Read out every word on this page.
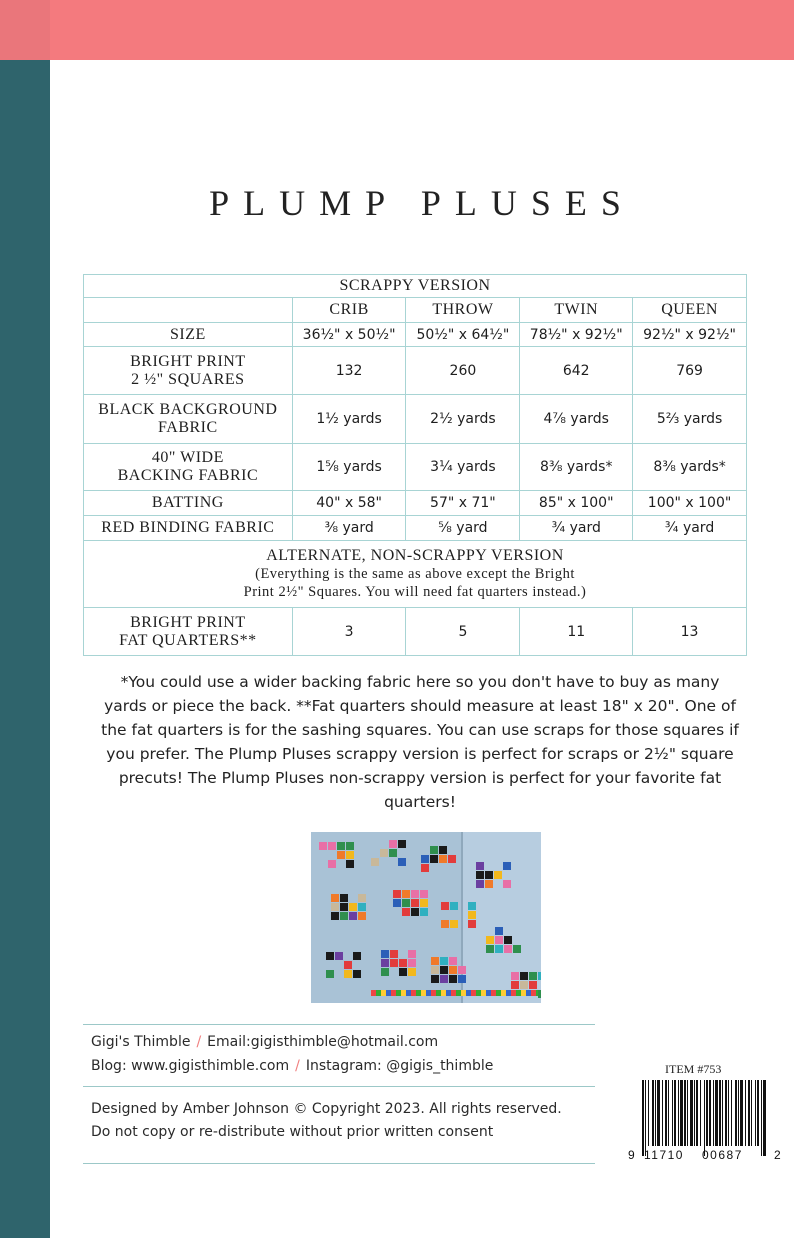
PLUMP PLUSES
SCRAPPY VERSION				
	CRIB	THROW	TWIN	QUEEN
SIZE	36½" x 50½"	50½" x 64½"	78½" x 92½"	92½" x 92½"
BRIGHT PRINT
2 ½" SQUARES	132	260	642	769
BLACK BACKGROUND
FABRIC	1½ yards	2½ yards	4⅞ yards	5⅔ yards
40" WIDE
BACKING FABRIC	1⅝ yards	3¼ yards	8⅜ yards*	8⅜ yards*
BATTING	40" x 58"	57" x 71"	85" x 100"	100" x 100"
RED BINDING FABRIC	⅜ yard	⅝ yard	¾ yard	¾ yard

ALTERNATE, NON-SCRAPPY VERSION
(Everything is the same as above except the Bright
Print 2½" Squares. You will need fat quarters instead.)				

BRIGHT PRINT
FAT QUARTERS**	3	5	11	13
*You could use a wider backing fabric here so you don't have to buy as many yards or piece the back. **Fat quarters should measure at least 18" x 20". One of the fat quarters is for the sashing squares. You can use scraps for those squares if you prefer. The Plump Pluses scrappy version is perfect for scraps or 2½" square precuts! The Plump Pluses non-scrappy version is perfect for your favorite fat quarters!
Gigi's Thimble / Email:gigisthimble@hotmail.com
Blog: www.gigisthimble.com / Instagram: @gigis_thimble
Designed by Amber Johnson © Copyright 2023. All rights reserved.
Do not copy or re-distribute without prior written consent
ITEM #753
9 11710 00687	2
